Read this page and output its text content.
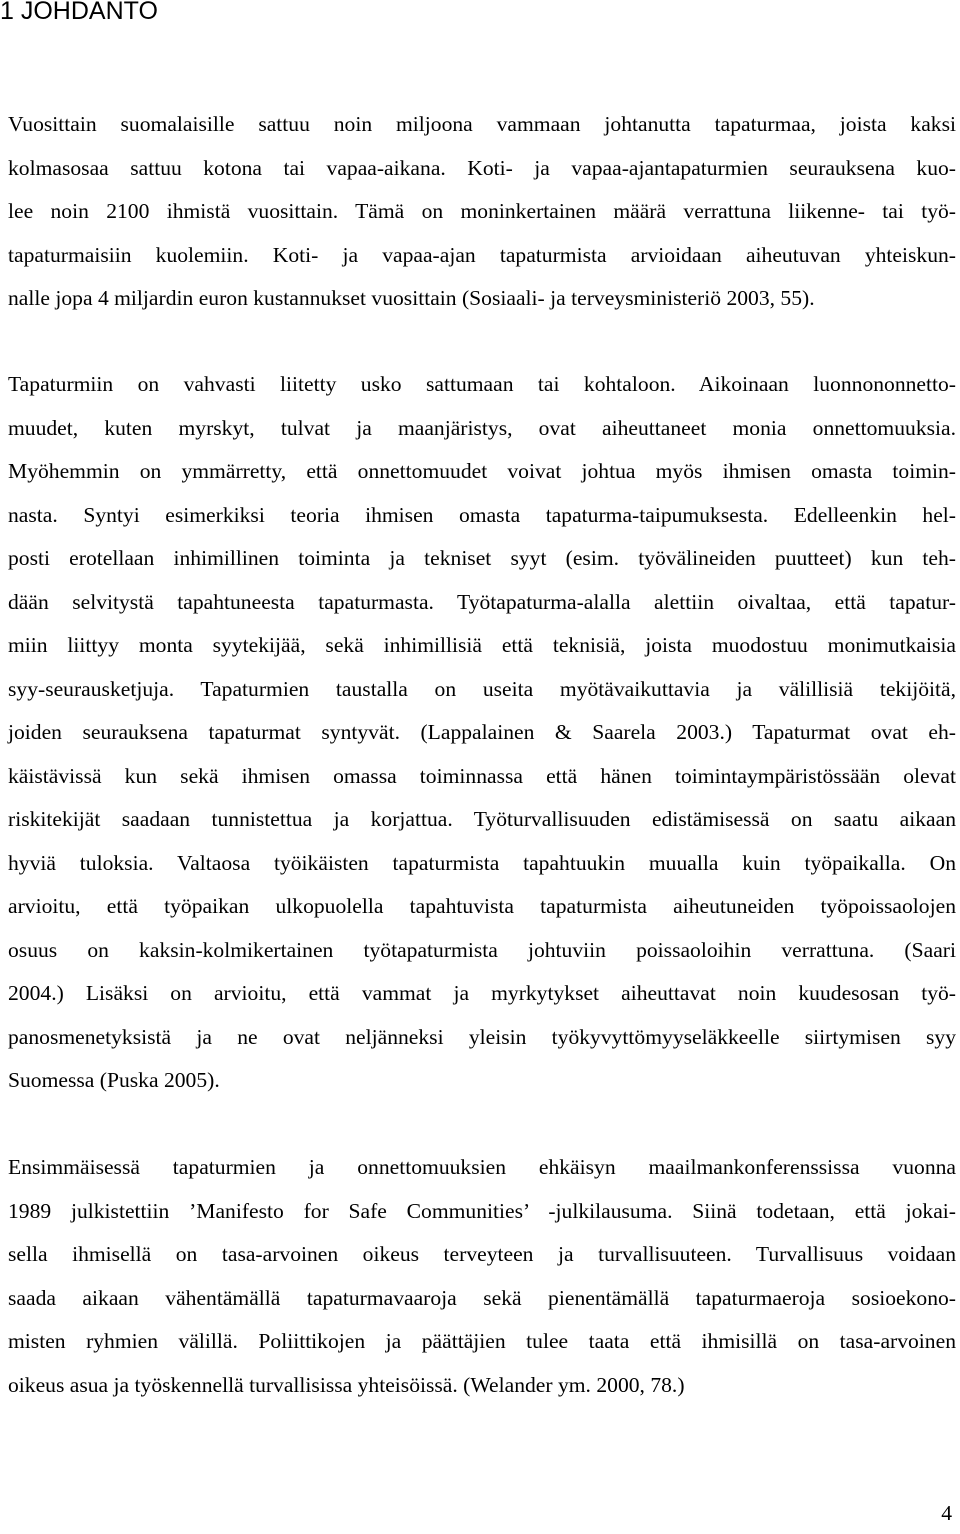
1 JOHDANTO
Vuosittain suomalaisille sattuu noin miljoona vammaan johtanutta tapaturmaa, joista kaksi
kolmasosaa sattuu kotona tai vapaa-aikana. Koti- ja vapaa-ajantapaturmien seurauksena kuo-
lee noin 2100 ihmistä vuosittain. Tämä on moninkertainen määrä verrattuna liikenne- tai työ-
tapaturmaisiin kuolemiin. Koti- ja vapaa-ajan tapaturmista arvioidaan aiheutuvan yhteiskun-
nalle jopa 4 miljardin euron kustannukset vuosittain (Sosiaali- ja terveysministeriö 2003, 55).
Tapaturmiin on vahvasti liitetty usko sattumaan tai kohtaloon. Aikoinaan luonnononnetto-
muudet, kuten myrskyt, tulvat ja maanjäristys, ovat aiheuttaneet monia onnettomuuksia.
Myöhemmin on ymmärretty, että onnettomuudet voivat johtua myös ihmisen omasta toimin-
nasta. Syntyi esimerkiksi teoria ihmisen omasta tapaturma-taipumuksesta. Edelleenkin hel-
posti erotellaan inhimillinen toiminta ja tekniset syyt (esim. työvälineiden puutteet) kun teh-
dään selvitystä tapahtuneesta tapaturmasta. Työtapaturma-alalla alettiin oivaltaa, että tapatur-
miin liittyy monta syytekijää, sekä inhimillisiä että teknisiä, joista muodostuu monimutkaisia
syy-seurausketjuja. Tapaturmien taustalla on useita myötävaikuttavia ja välillisiä tekijöitä,
joiden seurauksena tapaturmat syntyvät. (Lappalainen & Saarela 2003.) Tapaturmat ovat eh-
käistävissä kun sekä ihmisen omassa toiminnassa että hänen toimintaympäristössään olevat
riskitekijät saadaan tunnistettua ja korjattua. Työturvallisuuden edistämisessä on saatu aikaan
hyviä tuloksia. Valtaosa työikäisten tapaturmista tapahtuukin muualla kuin työpaikalla. On
arvioitu, että työpaikan ulkopuolella tapahtuvista tapaturmista aiheutuneiden työpoissaolojen
osuus on kaksin-kolmikertainen työtapaturmista johtuviin poissaoloihin verrattuna. (Saari
2004.) Lisäksi on arvioitu, että vammat ja myrkytykset aiheuttavat noin kuudesosan työ-
panosmenetyksistä ja ne ovat neljänneksi yleisin työkyvyttömyyseläkkeelle siirtymisen syy
Suomessa (Puska 2005).
Ensimmäisessä tapaturmien ja onnettomuuksien ehkäisyn maailmankonferenssissa vuonna
1989 julkistettiin ’Manifesto for Safe Communities’ -julkilausuma. Siinä todetaan, että jokai-
sella ihmisellä on tasa-arvoinen oikeus terveyteen ja turvallisuuteen. Turvallisuus voidaan
saada aikaan vähentämällä tapaturmavaaroja sekä pienentämällä tapaturmaeroja sosioekono-
misten ryhmien välillä. Poliittikojen ja päättäjien tulee taata että ihmisillä on tasa-arvoinen
oikeus asua ja työskennellä turvallisissa yhteisöissä. (Welander ym. 2000, 78.)
4
